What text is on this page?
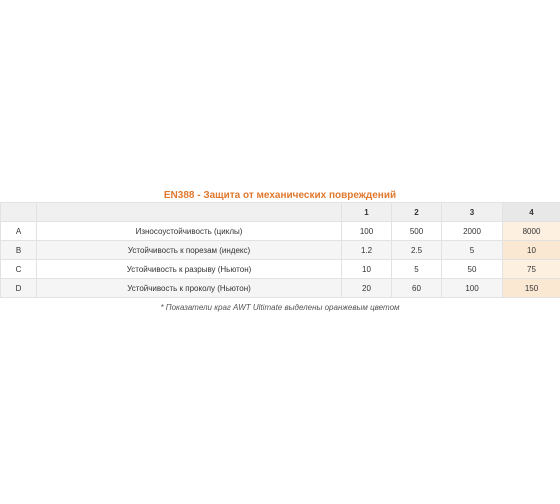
EN388 - Защита от механических повреждений
		1	2	3	4
A	Износоустойчивость (циклы)	100	500	2000	8000
B	Устойчивость к порезам (индекс)	1.2	2.5	5	10
C	Устойчивость к разрыву (Ньютон)	10	5	50	75
D	Устойчивость к проколу (Ньютон)	20	60	100	150
* Показатели краг AWT Ultimate выделены оранжевым цветом
